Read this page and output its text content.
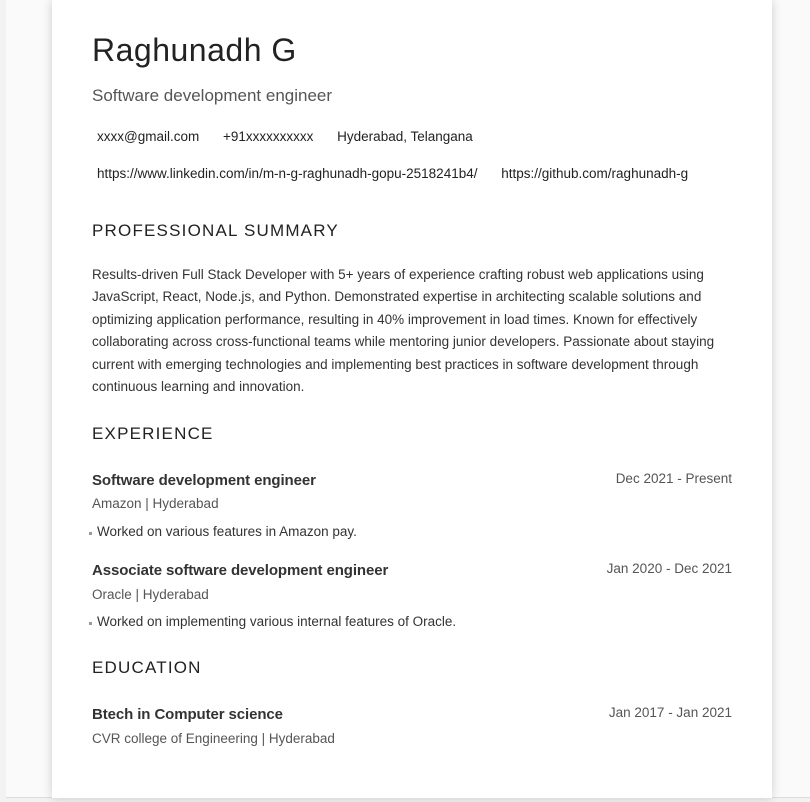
Raghunadh G
Software development engineer
xxxx@gmail.com +91xxxxxxxxxx Hyderabad, Telangana
https://www.linkedin.com/in/m-n-g-raghunadh-gopu-2518241b4/ https://github.com/raghunadh-g
PROFESSIONAL SUMMARY
Results-driven Full Stack Developer with 5+ years of experience crafting robust web applications using JavaScript, React, Node.js, and Python. Demonstrated expertise in architecting scalable solutions and optimizing application performance, resulting in 40% improvement in load times. Known for effectively collaborating across cross-functional teams while mentoring junior developers. Passionate about staying current with emerging technologies and implementing best practices in software development through continuous learning and innovation.
EXPERIENCE
Software development engineer	Dec 2021 - Present
Amazon | Hyderabad
Worked on various features in Amazon pay.
Associate software development engineer	Jan 2020 - Dec 2021
Oracle | Hyderabad
Worked on implementing various internal features of Oracle.
EDUCATION
Btech in Computer science	Jan 2017 - Jan 2021
CVR college of Engineering | Hyderabad
